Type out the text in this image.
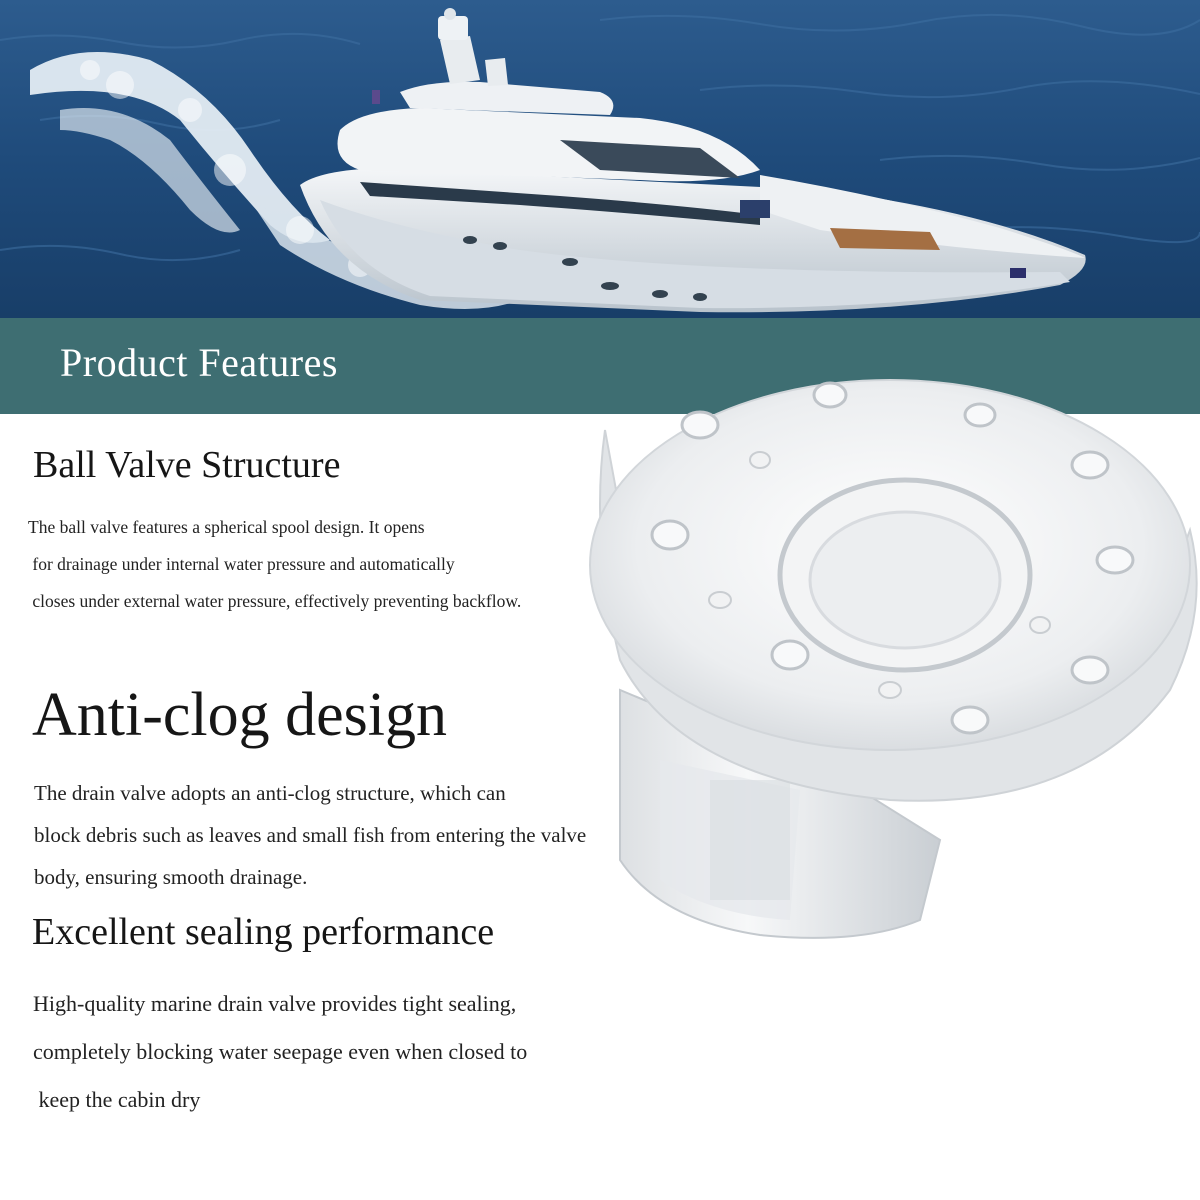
Product Features
Ball Valve Structure

The ball valve features a spherical spool design. It opens
for drainage under internal water pressure and automatically
closes under external water pressure, effectively preventing backflow.

Anti-clog design

The drain valve adopts an anti-clog structure, which can
block debris such as leaves and small fish from entering the valve
body, ensuring smooth drainage.

Excellent sealing performance

High-quality marine drain valve provides tight sealing,
completely blocking water seepage even when closed to
keep the cabin dry
